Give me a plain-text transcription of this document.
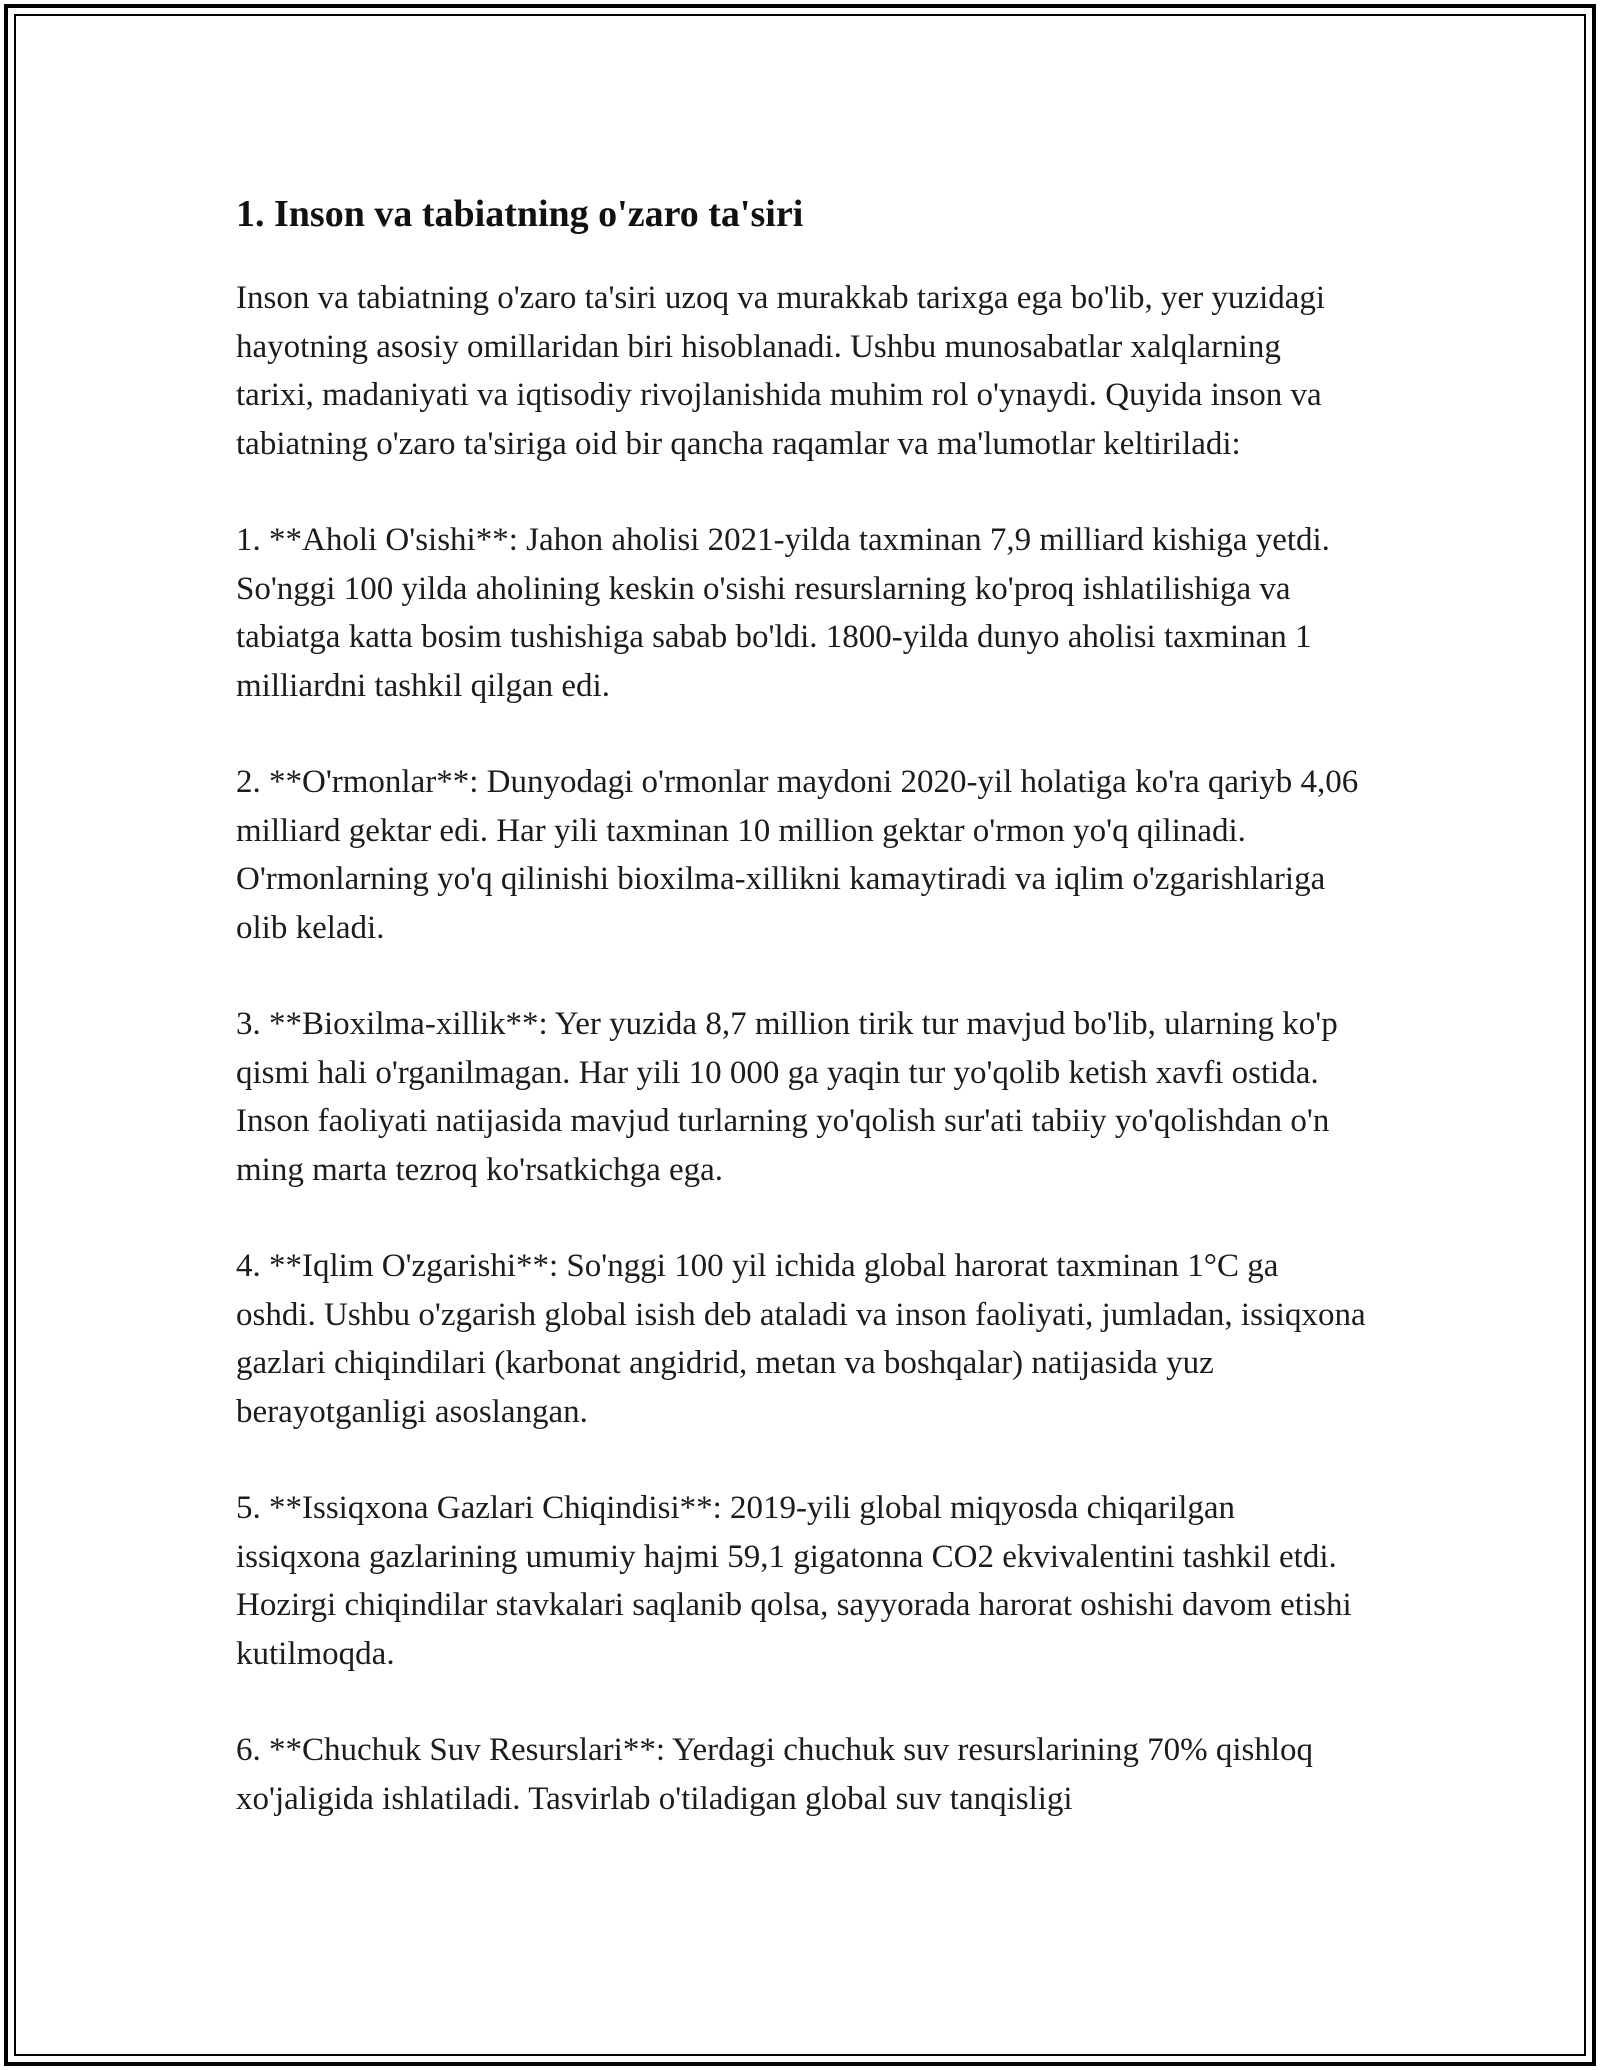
1. Inson va tabiatning o'zaro ta'siri

Inson va tabiatning o'zaro ta'siri uzoq va murakkab tarixga ega bo'lib, yer yuzidagi hayotning asosiy omillaridan biri hisoblanadi. Ushbu munosabatlar xalqlarning tarixi, madaniyati va iqtisodiy rivojlanishida muhim rol o'ynaydi. Quyida inson va tabiatning o'zaro ta'siriga oid bir qancha raqamlar va ma'lumotlar keltiriladi:

1. **Aholi O'sishi**: Jahon aholisi 2021-yilda taxminan 7,9 milliard kishiga yetdi. So'nggi 100 yilda aholining keskin o'sishi resurslarning ko'proq ishlatilishiga va tabiatga katta bosim tushishiga sabab bo'ldi. 1800-yilda dunyo aholisi taxminan 1 milliardni tashkil qilgan edi.

2. **O'rmonlar**: Dunyodagi o'rmonlar maydoni 2020-yil holatiga ko'ra qariyb 4,06 milliard gektar edi. Har yili taxminan 10 million gektar o'rmon yo'q qilinadi. O'rmonlarning yo'q qilinishi bioxilma-xillikni kamaytiradi va iqlim o'zgarishlariga olib keladi.

3. **Bioxilma-xillik**: Yer yuzida 8,7 million tirik tur mavjud bo'lib, ularning ko'p qismi hali o'rganilmagan. Har yili 10 000 ga yaqin tur yo'qolib ketish xavfi ostida. Inson faoliyati natijasida mavjud turlarning yo'qolish sur'ati tabiiy yo'qolishdan o'n ming marta tezroq ko'rsatkichga ega.

4. **Iqlim O'zgarishi**: So'nggi 100 yil ichida global harorat taxminan 1°C ga oshdi. Ushbu o'zgarish global isish deb ataladi va inson faoliyati, jumladan, issiqxona gazlari chiqindilari (karbonat angidrid, metan va boshqalar) natijasida yuz berayotganligi asoslangan.

5. **Issiqxona Gazlari Chiqindisi**: 2019-yili global miqyosda chiqarilgan issiqxona gazlarining umumiy hajmi 59,1 gigatonna CO2 ekvivalentini tashkil etdi. Hozirgi chiqindilar stavkalari saqlanib qolsa, sayyorada harorat oshishi davom etishi kutilmoqda.

6. **Chuchuk Suv Resurslari**: Yerdagi chuchuk suv resurslarining 70% qishloq xo'jaligida ishlatiladi. Tasvirlab o'tiladigan global suv tanqisligi
